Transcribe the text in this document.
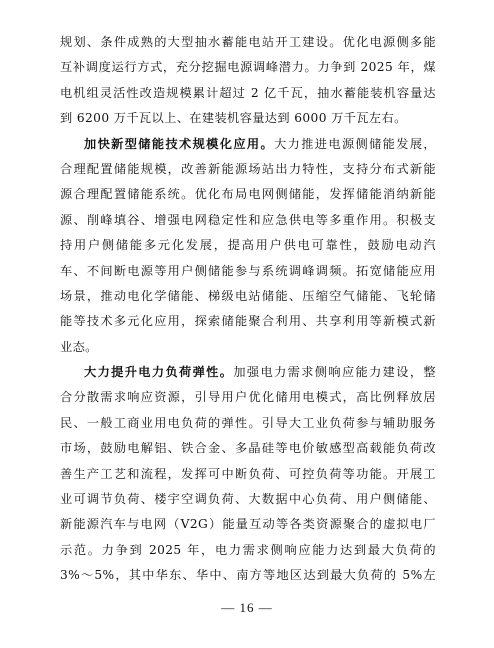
规划、条件成熟的大型抽水蓄能电站开工建设。优化电源侧多能
互补调度运行方式，充分挖掘电源调峰潜力。力争到 2025 年，煤
电机组灵活性改造规模累计超过 2 亿千瓦，抽水蓄能装机容量达
到 6200 万千瓦以上、在建装机容量达到 6000 万千瓦左右。
加快新型储能技术规模化应用。大力推进电源侧储能发展，
合理配置储能规模，改善新能源场站出力特性，支持分布式新能
源合理配置储能系统。优化布局电网侧储能，发挥储能消纳新能
源、削峰填谷、增强电网稳定性和应急供电等多重作用。积极支
持用户侧储能多元化发展，提高用户供电可靠性，鼓励电动汽
车、不间断电源等用户侧储能参与系统调峰调频。拓宽储能应用
场景，推动电化学储能、梯级电站储能、压缩空气储能、飞轮储
能等技术多元化应用，探索储能聚合利用、共享利用等新模式新
业态。
大力提升电力负荷弹性。加强电力需求侧响应能力建设，整
合分散需求响应资源，引导用户优化储用电模式，高比例释放居
民、一般工商业用电负荷的弹性。引导大工业负荷参与辅助服务
市场，鼓励电解铝、铁合金、多晶硅等电价敏感型高载能负荷改
善生产工艺和流程，发挥可中断负荷、可控负荷等功能。开展工
业可调节负荷、楼宇空调负荷、大数据中心负荷、用户侧储能、
新能源汽车与电网（V2G）能量互动等各类资源聚合的虚拟电厂
示范。力争到 2025 年，电力需求侧响应能力达到最大负荷的
3%～5%，其中华东、华中、南方等地区达到最大负荷的 5%左
— 16 —
